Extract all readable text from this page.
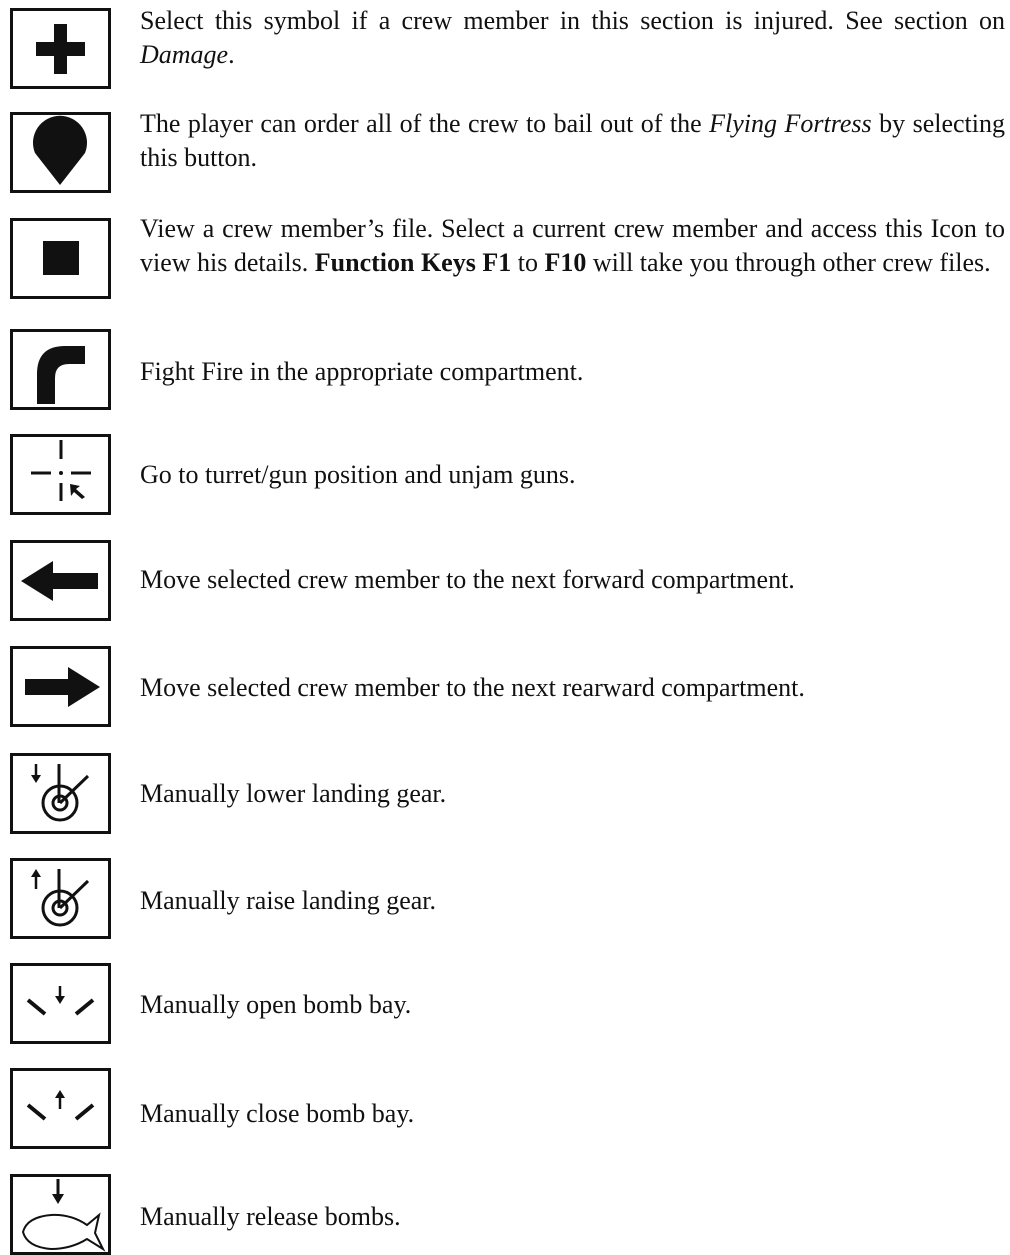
Select this symbol if a crew member in this section is injured. See section on Damage.
The player can order all of the crew to bail out of the Flying Fortress by selecting this button.
View a crew member’s file. Select a current crew member and access this Icon to view his details. Function Keys F1 to F10 will take you through other crew files.
Fight Fire in the appropriate compartment.
Go to turret/gun position and unjam guns.
Move selected crew member to the next forward compartment.
Move selected crew member to the next rearward compartment.
Manually lower landing gear.
Manually raise landing gear.
Manually open bomb bay.
Manually close bomb bay.
Manually release bombs.
